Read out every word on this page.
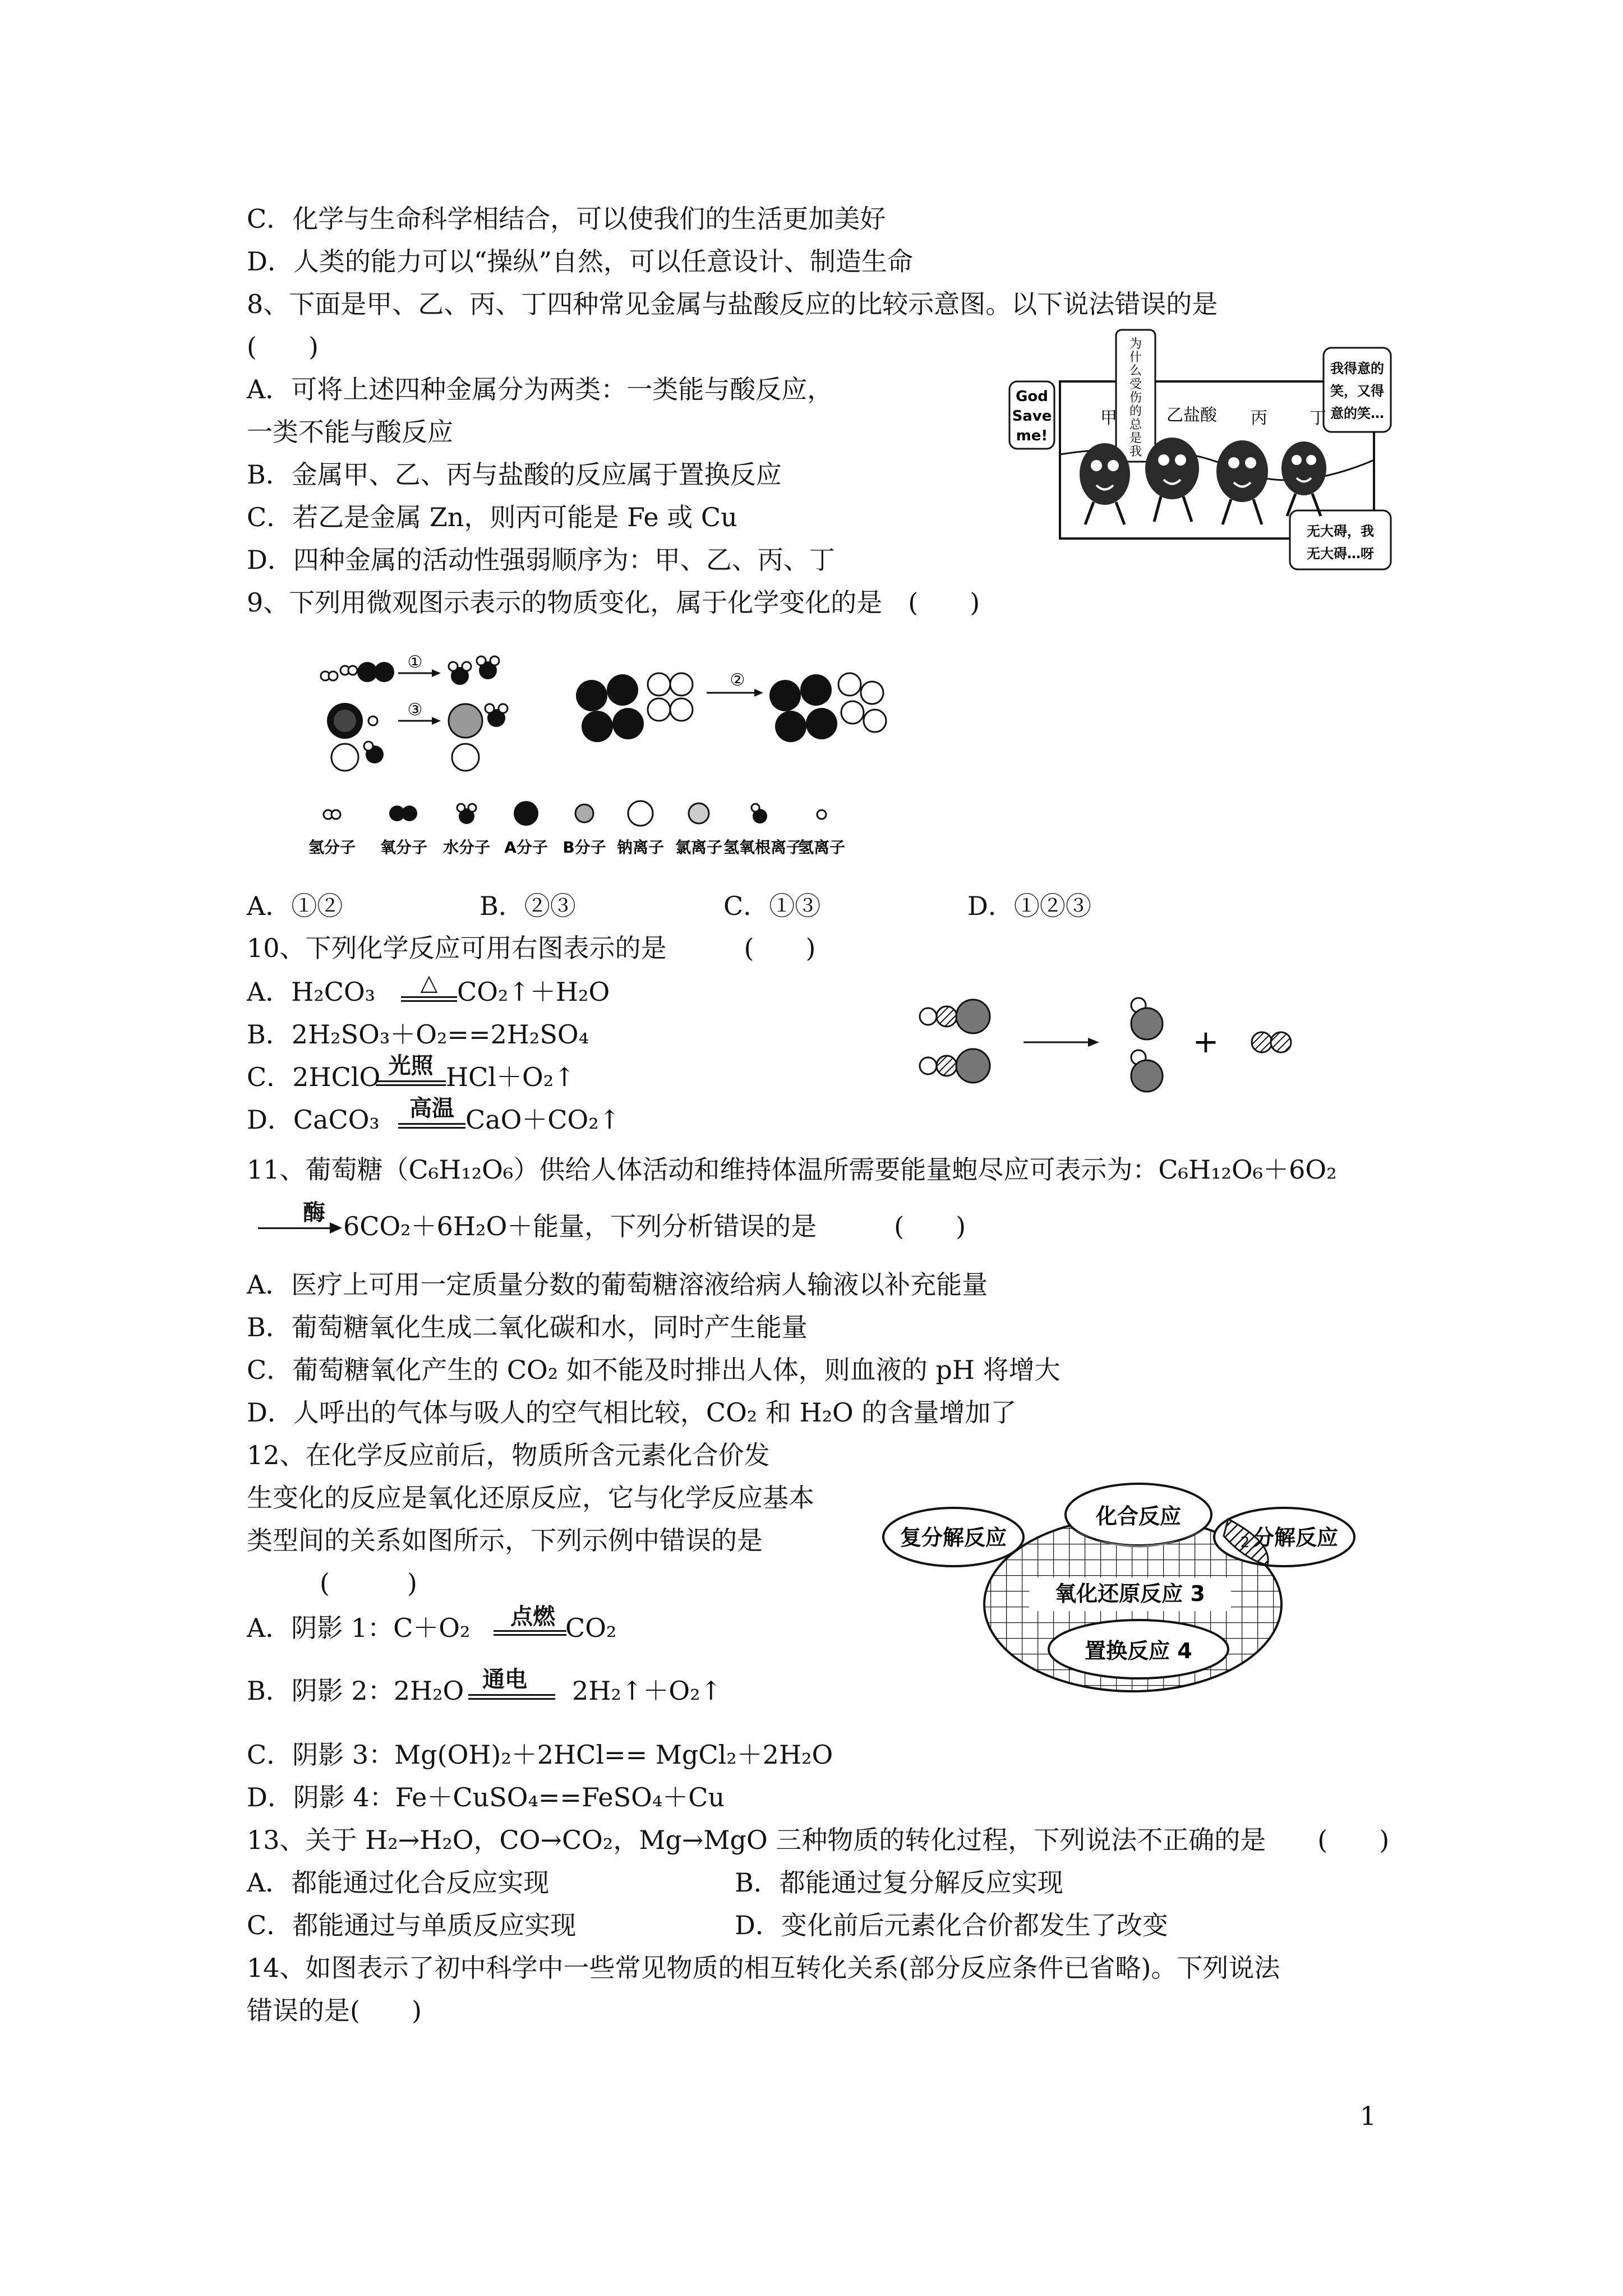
C．化学与生命科学相结合，可以使我们的生活更加美好
D．人类的能力可以“操纵”自然，可以任意设计、制造生命
8、下面是甲、乙、丙、丁四种常见金属与盐酸反应的比较示意图。以下说法错误的是
(　　)
A．可将上述四种金属分为两类：一类能与酸反应，
一类不能与酸反应
B．金属甲、乙、丙与盐酸的反应属于置换反应
C．若乙是金属 Zn，则丙可能是 Fe 或 Cu
D．四种金属的活动性强弱顺序为：甲、乙、丙、丁
9、下列用微观图示表示的物质变化，属于化学变化的是　(　　)
God
Save
me!
为
什
么
受
伤
的
总
是
我
我得意的
笑，又得
意的笑…
无大碍，我
无大碍…呀
甲	乙盐酸 丙	丁
①
③
②
氢分子 氧分子 水分子 A分子 B分子 钠离子 氯离子 氢氧根离子
氢离子
A．①②	B．②③	C．①③	D．①②③
10、下列化学反应可用右图表示的是　　　(　　)
A．H₂CO₃	△ CO₂↑＋H₂O
B．2H₂SO₃＋O₂==2H₂SO₄
C．2HClO 光照 HCl＋O₂↑
D．CaCO₃	高温 CaO＋CO₂↑
+
11、葡萄糖（C₆H₁₂O₆）供给人体活动和维持体温所需要能量蚫尽应可表示为：C₆H₁₂O₆＋6O₂
酶 6CO₂＋6H₂O＋能量，下列分析错误的是　　　(　　)
A．医疗上可用一定质量分数的葡萄糖溶液给病人输液以补充能量
B．葡萄糖氧化生成二氧化碳和水，同时产生能量
C．葡萄糖氧化产生的 CO₂ 如不能及时排出人体，则血液的 pH 将增大
D．人呼出的气体与吸人的空气相比较，CO₂ 和 H₂O 的含量增加了
12、在化学反应前后，物质所含元素化合价发
生变化的反应是氧化还原反应，它与化学反应基本
类型间的关系如图所示，下列示例中错误的是
(　　　)
A．阴影 1：C＋O₂	点燃 CO₂
B．阴影 2：2H₂O 通电	2H₂↑＋O₂↑
C．阴影 3：Mg(OH)₂＋2HCl== MgCl₂＋2H₂O
D．阴影 4：Fe＋CuSO₄==FeSO₄＋Cu
化合反应
复分解反应	分解反应
氧化还原反应 3
置换反应 4
1	2
13、关于 H₂→H₂O，CO→CO₂，Mg→MgO 三种物质的转化过程，下列说法不正确的是　　(　　)
A．都能通过化合反应实现	B．都能通过复分解反应实现
C．都能通过与单质反应实现	D．变化前后元素化合价都发生了改变
14、如图表示了初中科学中一些常见物质的相互转化关系(部分反应条件已省略)。下列说法
错误的是(　　)
1
